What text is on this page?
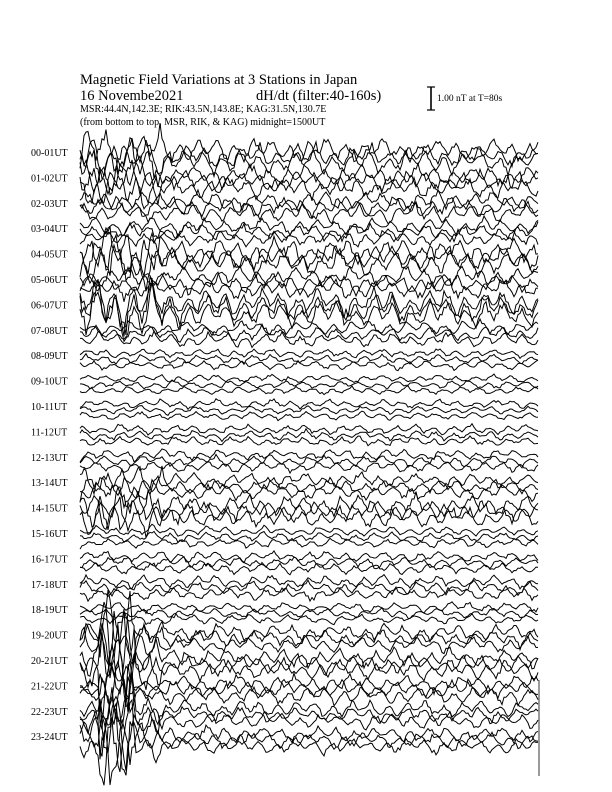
Magnetic Field Variations at 3 Stations in Japan
16 Novembe2021	dH/dt (filter:40-160s)
MSR:44.4N,142.3E; RIK:43.5N,143.8E; KAG:31.5N,130.7E
(from bottom to top, MSR, RIK, & KAG) midnight=1500UT
1.00 nT at T=80s
00-01UT
01-02UT
02-03UT
03-04UT
04-05UT
05-06UT
06-07UT
07-08UT
08-09UT
09-10UT
10-11UT
11-12UT
12-13UT
13-14UT
14-15UT
15-16UT
16-17UT
17-18UT
18-19UT
19-20UT
20-21UT
21-22UT
22-23UT
23-24UT
